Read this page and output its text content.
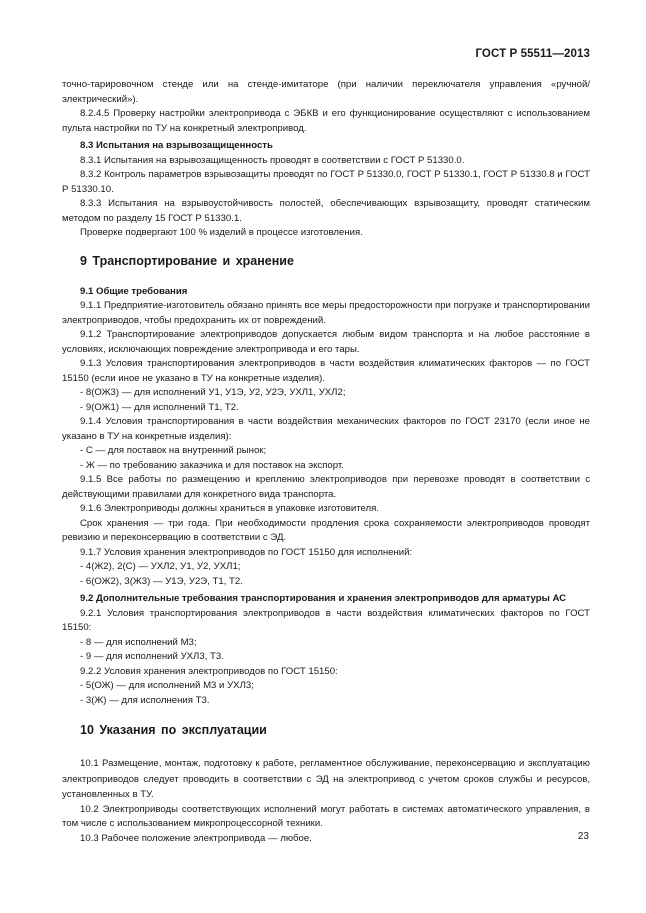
ГОСТ Р 55511—2013

точно-тарировочном стенде или на стенде-имитаторе (при наличии переключателя управления «ручной/электрический»).

8.2.4.5 Проверку настройки электропривода с ЭБКВ и его функционирование осуществляют с использованием пульта настройки по ТУ на конкретный электропривод.

8.3 Испытания на взрывозащищенность

8.3.1 Испытания на взрывозащищенность проводят в соответствии с ГОСТ Р 51330.0.

8.3.2 Контроль параметров взрывозащиты проводят по ГОСТ Р 51330.0, ГОСТ Р 51330.1, ГОСТ Р 51330.8 и ГОСТ Р 51330.10.

8.3.3 Испытания на взрывоустойчивость полостей, обеспечивающих взрывозащиту, проводят статическим методом по разделу 15 ГОСТ Р 51330.1.

Проверке подвергают 100 % изделий в процессе изготовления.

9 Транспортирование и хранение

9.1 Общие требования

9.1.1 Предприятие-изготовитель обязано принять все меры предосторожности при погрузке и транспортировании электроприводов, чтобы предохранить их от повреждений.

9.1.2 Транспортирование электроприводов допускается любым видом транспорта и на любое расстояние в условиях, исключающих повреждение электропривода и его тары.

9.1.3 Условия транспортирования электроприводов в части воздействия климатических факторов — по ГОСТ 15150 (если иное не указано в ТУ на конкретные изделия).

- 8(ОЖ3) — для исполнений У1, У1Э, У2, У2Э, УХЛ1, УХЛ2;

- 9(ОЖ1) — для исполнений Т1, Т2.

9.1.4 Условия транспортирования в части воздействия механических факторов по ГОСТ 23170 (если иное не указано в ТУ на конкретные изделия):

- С — для поставок на внутренний рынок;

- Ж — по требованию заказчика и для поставок на экспорт.

9.1.5 Все работы по размещению и креплению электроприводов при перевозке проводят в соответствии с действующими правилами для конкретного вида транспорта.

9.1.6 Электроприводы должны храниться в упаковке изготовителя.

Срок хранения — три года. При необходимости продления срока сохраняемости электроприводов проводят ревизию и переконсервацию в соответствии с ЭД.

9.1.7 Условия хранения электроприводов по ГОСТ 15150 для исполнений:

- 4(Ж2), 2(С) — УХЛ2, У1, У2, УХЛ1;

- 6(ОЖ2), 3(Ж3) — У1Э, У2Э, Т1, Т2.

9.2 Дополнительные требования транспортирования и хранения электроприводов для арматуры АС

9.2.1 Условия транспортирования электроприводов в части воздействия климатических факторов по ГОСТ 15150:

- 8 — для исполнений М3;

- 9 — для исполнений УХЛ3, Т3.

9.2.2 Условия хранения электроприводов по ГОСТ 15150:

- 5(ОЖ) — для исполнений М3 и УХЛ3;

- 3(Ж) — для исполнения Т3.

10 Указания по эксплуатации

10.1 Размещение, монтаж, подготовку к работе, регламентное обслуживание, переконсервацию и эксплуатацию электроприводов следует проводить в соответствии с ЭД на электропривод с учетом сроков службы и ресурсов, установленных в ТУ.

10.2 Электроприводы соответствующих исполнений могут работать в системах автоматического управления, в том числе с использованием микропроцессорной техники.

10.3 Рабочее положение электропривода — любое.	23
